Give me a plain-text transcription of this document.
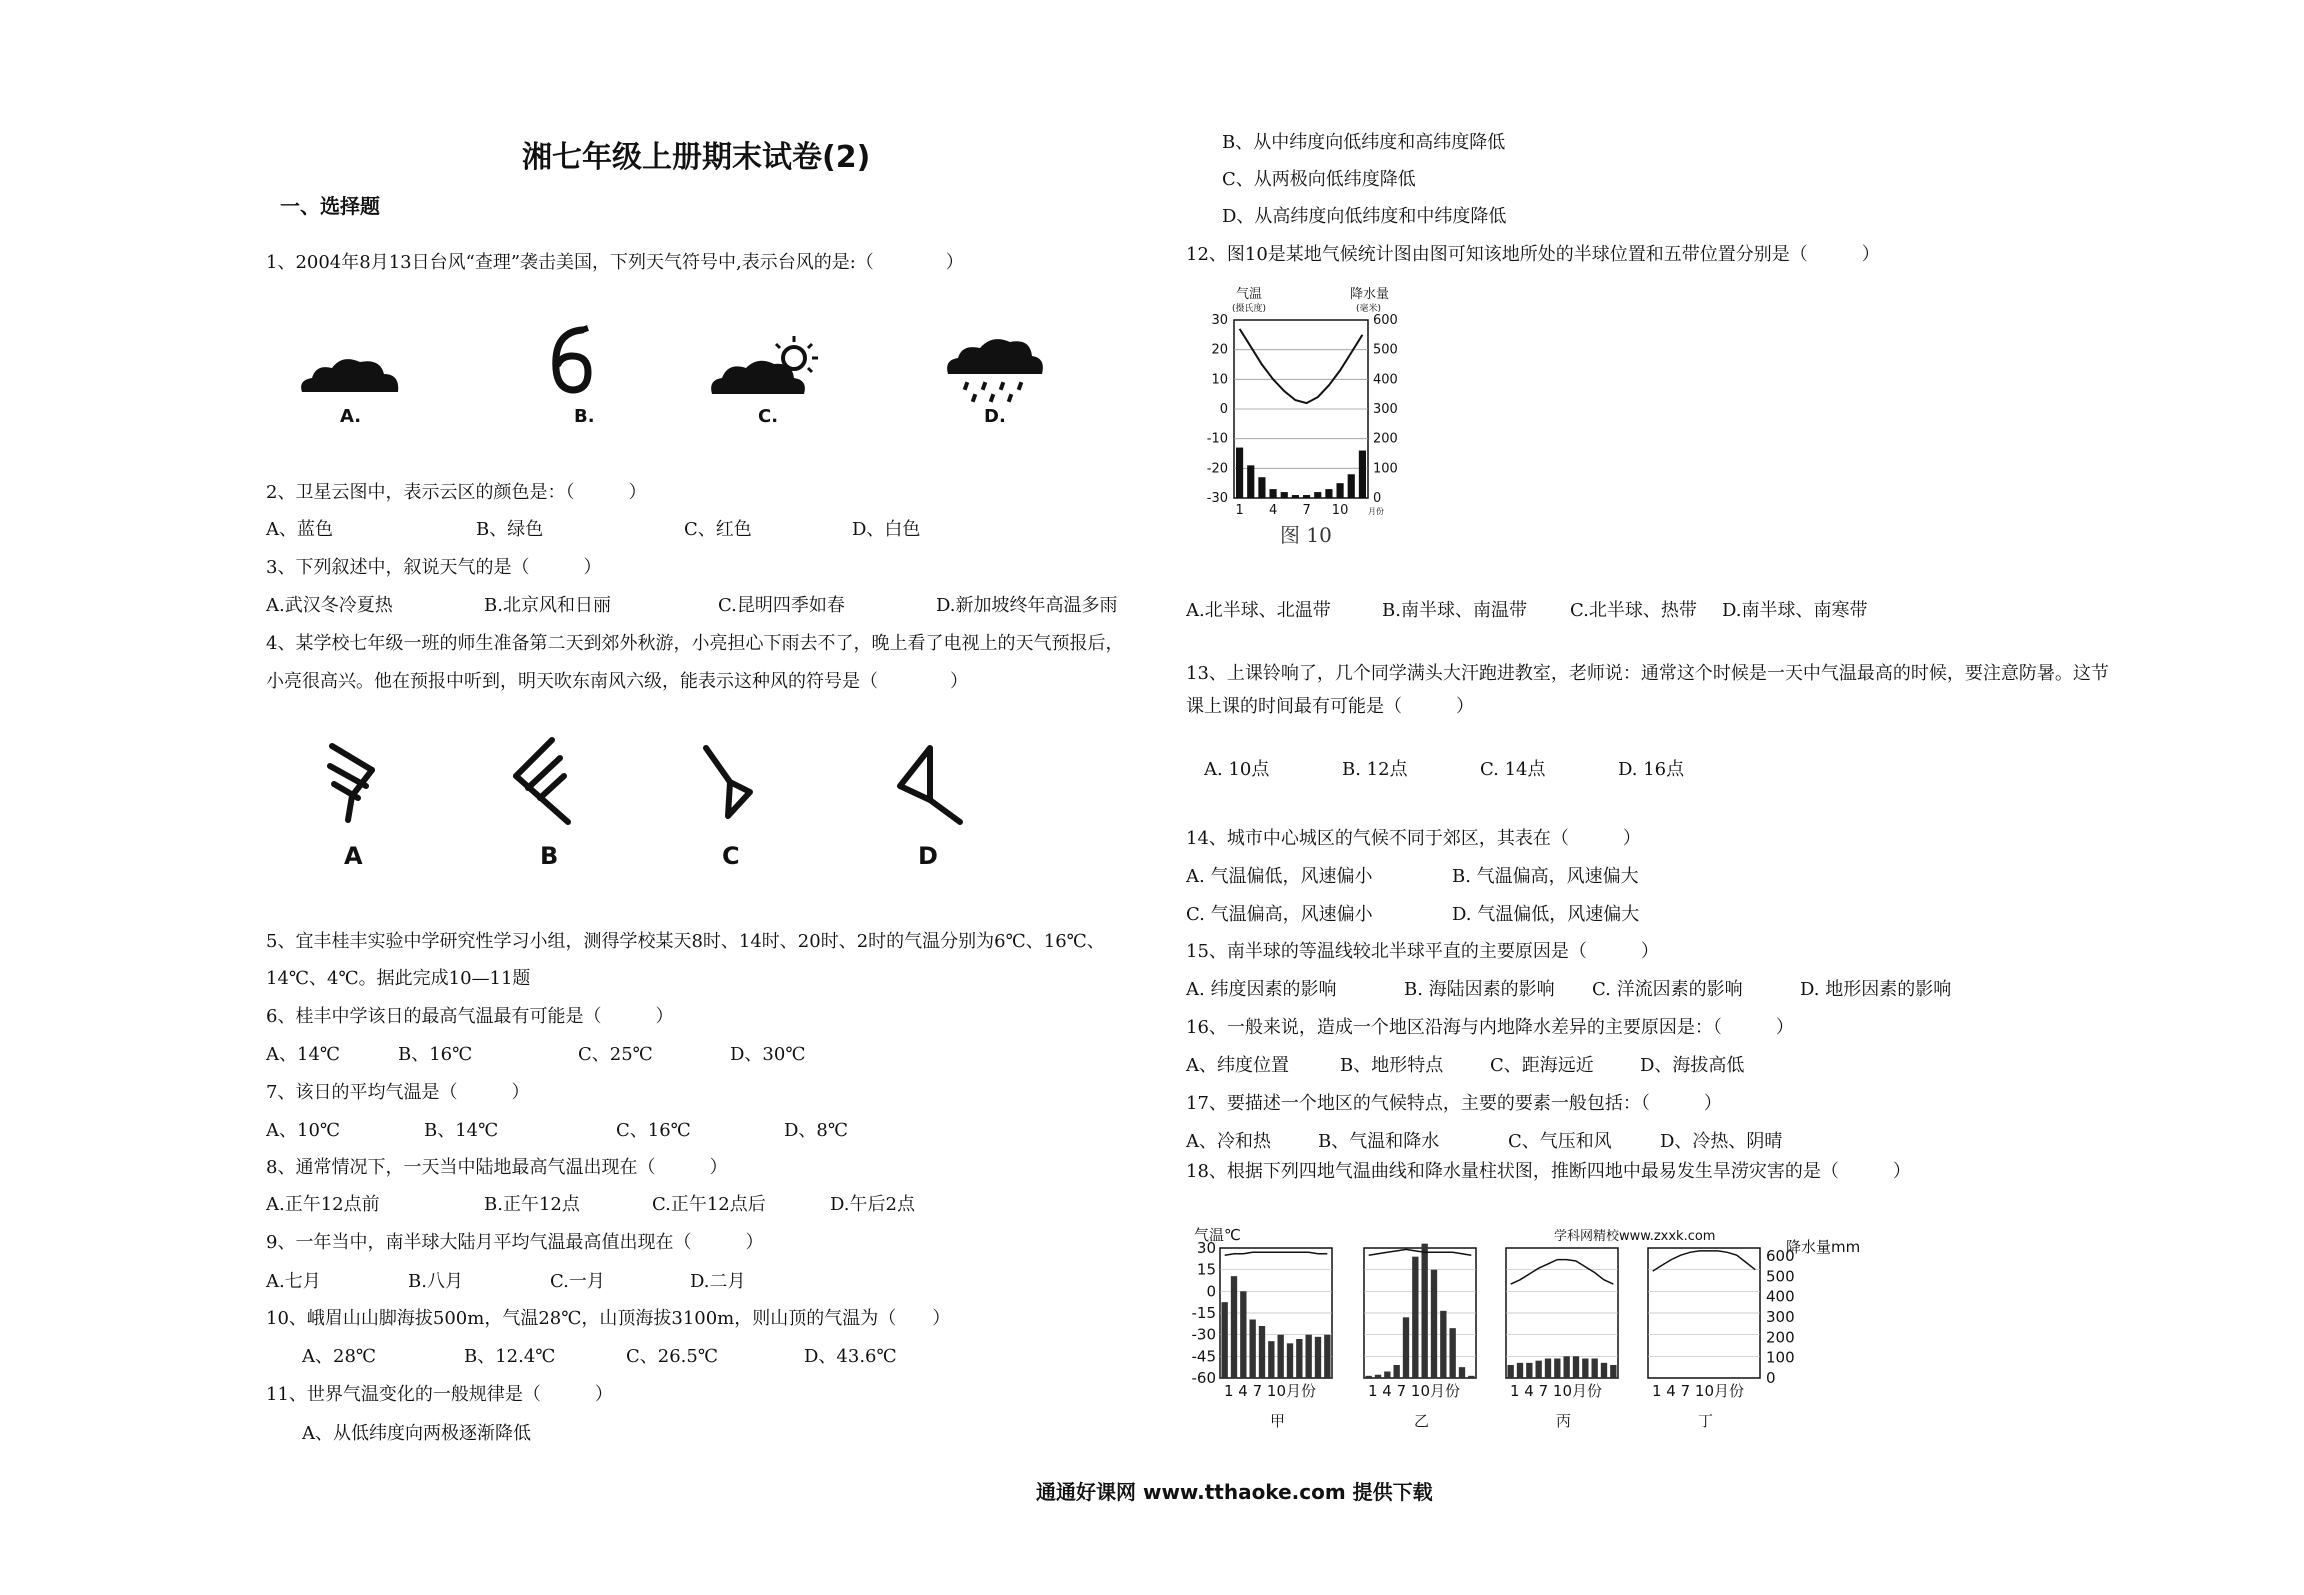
湘七年级上册期末试卷(2)
一、选择题
1、2004年8月13日台风“查理”袭击美国，下列天气符号中,表示台风的是:（　　　　）
A.	B.	C.	D.
2、卫星云图中，表示云区的颜色是：（　　　）
A、蓝色	B、绿色	C、红色	D、白色
3、下列叙述中，叙说天气的是（　　　）
A.武汉冬冷夏热	B.北京风和日丽	C.昆明四季如春	D.新加坡终年高温多雨
4、某学校七年级一班的师生准备第二天到郊外秋游，小亮担心下雨去不了，晚上看了电视上的天气预报后，
小亮很高兴。他在预报中听到，明天吹东南风六级，能表示这种风的符号是（　　　　）
A	B	C	D
5、宜丰桂丰实验中学研究性学习小组，测得学校某天8时、14时、20时、2时的气温分别为6℃、16℃、
14℃、4℃。据此完成10—11题
6、桂丰中学该日的最高气温最有可能是（　　　）
A、14℃	B、16℃	C、25℃	D、30℃
7、该日的平均气温是（　　　）
A、10℃	B、14℃	C、16℃	D、8℃
8、通常情况下，一天当中陆地最高气温出现在（　　　）
A.正午12点前	B.正午12点	C.正午12点后	D.午后2点
9、一年当中，南半球大陆月平均气温最高值出现在（　　　）
A.七月	B.八月	C.一月	D.二月
10、峨眉山山脚海拔500m，气温28℃，山顶海拔3100m，则山顶的气温为（　　）
A、28℃	B、12.4℃	C、26.5℃	D、43.6℃
11、世界气温变化的一般规律是（　　　）
A、从低纬度向两极逐渐降低
B、从中纬度向低纬度和高纬度降低
C、从两极向低纬度降低
D、从高纬度向低纬度和中纬度降低
12、图10是某地气候统计图由图可知该地所处的半球位置和五带位置分别是（　　　）
气温
(摄氏度)
降水量
(毫米)
30
20
10
0
-10
-20
-30
600
500
400
300
200
100
0
1 4 7 10 月份
图 10
A.北半球、北温带	B.南半球、南温带 C.北半球、热带 D.南半球、南寒带
13、上课铃响了，几个同学满头大汗跑进教室，老师说：通常这个时候是一天中气温最高的时候，要注意防暑。这节
课上课的时间最有可能是（　　　）
A. 10点	B. 12点	C. 14点	D. 16点
14、城市中心城区的气候不同于郊区，其表在（　　　）
A. 气温偏低，风速偏小	B. 气温偏高，风速偏大
C. 气温偏高，风速偏小	D. 气温偏低，风速偏大
15、南半球的等温线较北半球平直的主要原因是（　　　）
A. 纬度因素的影响	B. 海陆因素的影响 C. 洋流因素的影响	D. 地形因素的影响
16、一般来说，造成一个地区沿海与内地降水差异的主要原因是：（　　　）
A、纬度位置	B、地形特点	C、距海远近	D、海拔高低
17、要描述一个地区的气候特点，主要的要素一般包括：（　　　）
A、冷和热	B、气温和降水	C、气压和风	D、冷热、阴晴
18、根据下列四地气温曲线和降水量柱状图，推断四地中最易发生旱涝灾害的是（　　　）
气温℃
降水量mm
学科网精校www.zxxk.com
30
15
0
-15
-30
-45
-60
600
500
400
300
200
100
0
1 4 7 10月份
甲
1 4 7 10月份
乙
1 4 7 10月份
丙
1 4 7 10月份
丁
通通好课网 www.tthaoke.com 提供下载
